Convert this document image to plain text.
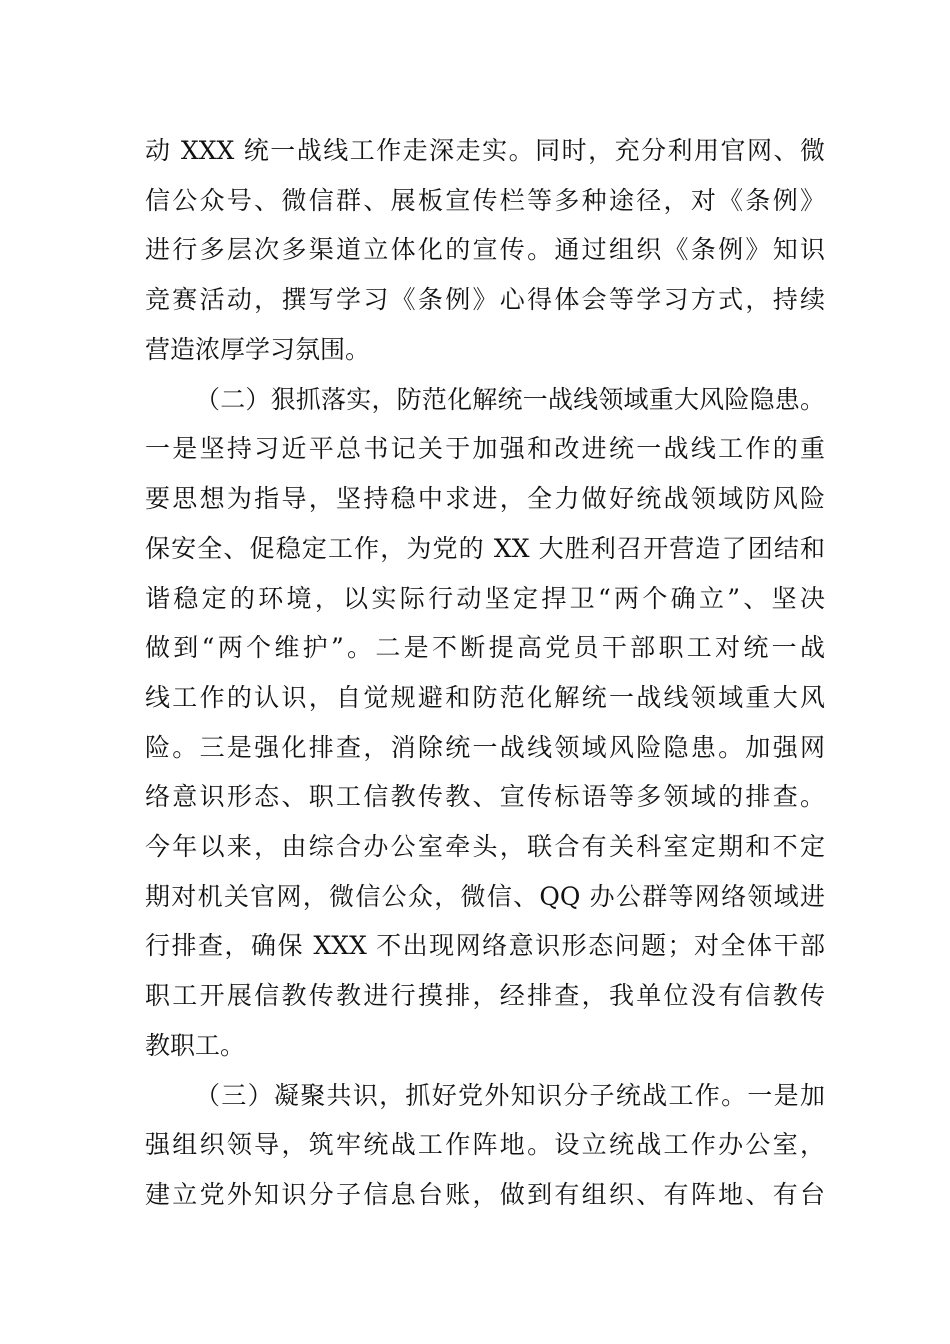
动 XXX 统一战线工作走深走实。同时，充分利用官网、微

信公众号、微信群、展板宣传栏等多种途径，对《条例》

进行多层次多渠道立体化的宣传。通过组织《条例》知识

竞赛活动，撰写学习《条例》心得体会等学习方式，持续

营造浓厚学习氛围。

（二）狠抓落实，防范化解统一战线领域重大风险隐患。

一是坚持习近平总书记关于加强和改进统一战线工作的重

要思想为指导，坚持稳中求进，全力做好统战领域防风险

保安全、促稳定工作，为党的 XX 大胜利召开营造了团结和

谐稳定的环境，以实际行动坚定捍卫“两个确立”、坚决

做到“两个维护”。二是不断提高党员干部职工对统一战

线工作的认识，自觉规避和防范化解统一战线领域重大风

险。三是强化排查，消除统一战线领域风险隐患。加强网

络意识形态、职工信教传教、宣传标语等多领域的排查。

今年以来，由综合办公室牵头，联合有关科室定期和不定

期对机关官网，微信公众，微信、QQ 办公群等网络领域进

行排查，确保 XXX 不出现网络意识形态问题；对全体干部

职工开展信教传教进行摸排，经排查，我单位没有信教传

教职工。

（三）凝聚共识，抓好党外知识分子统战工作。一是加

强组织领导，筑牢统战工作阵地。设立统战工作办公室，

建立党外知识分子信息台账，做到有组织、有阵地、有台
